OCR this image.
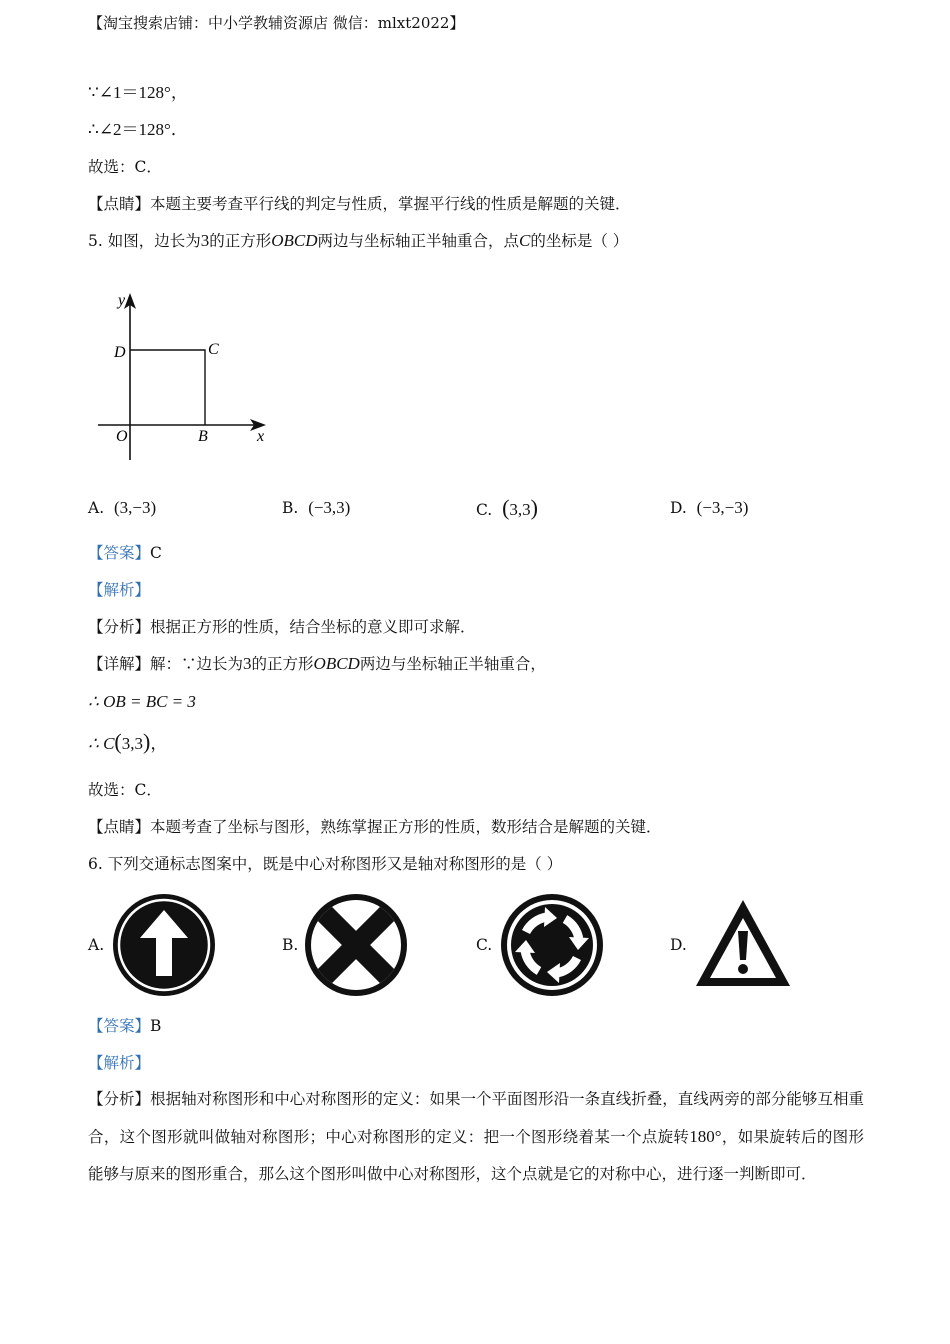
【淘宝搜索店铺：中小学教辅资源店 微信：mlxt2022】
∵∠1＝128°，
∴∠2＝128°．
故选：C．
【点睛】本题主要考查平行线的判定与性质，掌握平行线的性质是解题的关键．
5. 如图，边长为3的正方形OBCD两边与坐标轴正半轴重合，点C的坐标是（ ）
y
D	C
O	B	x
A. (3,−3)	B. (−3,3)	C. (3,3)	D. (−3,−3)
【答案】C
【解析】
【分析】根据正方形的性质，结合坐标的意义即可求解．
【详解】解：∵边长为3的正方形OBCD两边与坐标轴正半轴重合，
∴ OB = BC = 3
∴ C(3,3)，
故选：C．
【点睛】本题考查了坐标与图形，熟练掌握正方形的性质，数形结合是解题的关键．
6. 下列交通标志图案中，既是中心对称图形又是轴对称图形的是（ ）
A.	B.	C.	D.
【答案】B
【解析】
【分析】根据轴对称图形和中心对称图形的定义：如果一个平面图形沿一条直线折叠，直线两旁的部分能够互相重合，这个图形就叫做轴对称图形；中心对称图形的定义：把一个图形绕着某一个点旋转180°，如果旋转后的图形能够与原来的图形重合，那么这个图形叫做中心对称图形，这个点就是它的对称中心，进行逐一判断即可．
